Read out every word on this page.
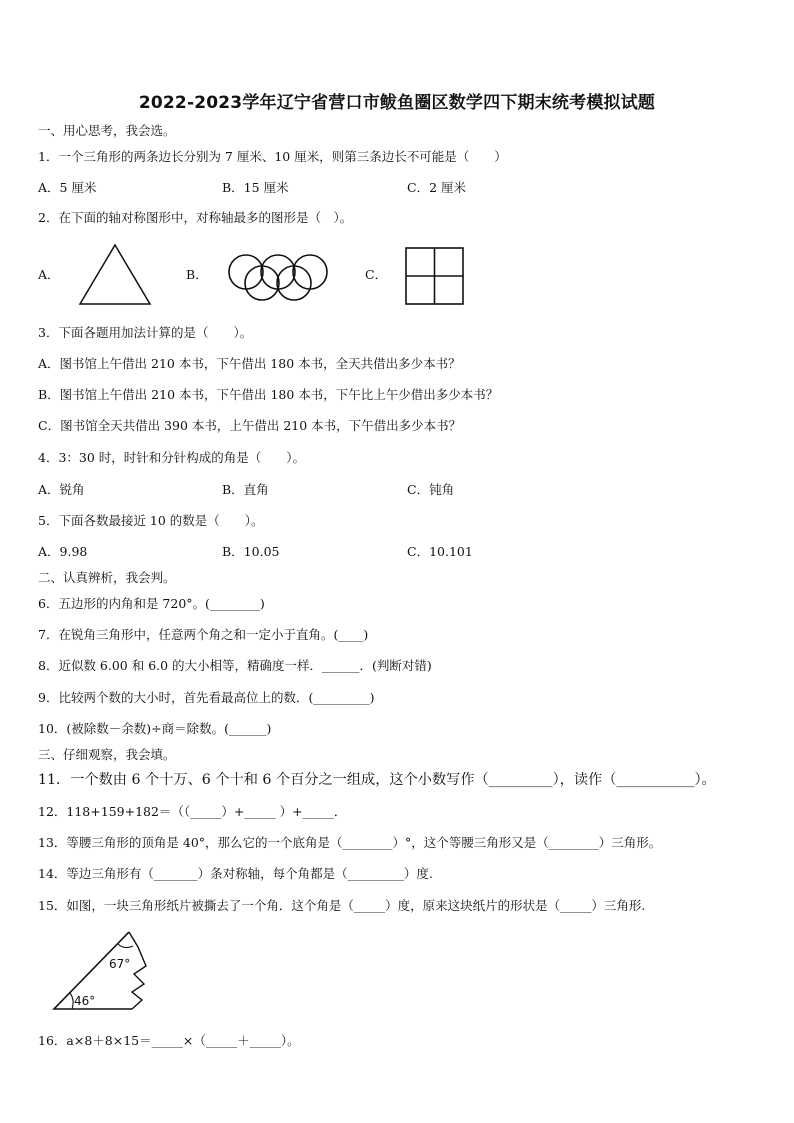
2022-2023学年辽宁省营口市鲅鱼圈区数学四下期末统考模拟试题
一、用心思考，我会选。
1．一个三角形的两条边长分别为 7 厘米、10 厘米，则第三条边长不可能是（　　）
A．5 厘米	B．15 厘米	C．2 厘米
2．在下面的轴对称图形中，对称轴最多的图形是（　）。
A．	B．	C．
3．下面各题用加法计算的是（　　）。
A．图书馆上午借出 210 本书，下午借出 180 本书，全天共借出多少本书？
B．图书馆上午借出 210 本书，下午借出 180 本书，下午比上午少借出多少本书？
C．图书馆全天共借出 390 本书，上午借出 210 本书，下午借出多少本书？
4．3：30 时，时针和分针构成的角是（　　）。
A．锐角	B．直角	C．钝角
5．下面各数最接近 10 的数是（　　）。
A．9.98	B．10.05	C．10.101
二、认真辨析，我会判。
6．五边形的内角和是 720°。(________)
7．在锐角三角形中，任意两个角之和一定小于直角。(____)
8．近似数 6.00 和 6.0 的大小相等，精确度一样．______．(判断对错)
9．比较两个数的大小时，首先看最高位上的数．(_________)
10．(被除数－余数)÷商＝除数。(______)
三、仔细观察，我会填。
11．一个数由 6 个十万、6 个十和 6 个百分之一组成，这个小数写作（_________），读作（___________）。
12．118+159+182＝（（_____）+_____ ）+_____．
13．等腰三角形的顶角是 40°，那么它的一个底角是（________）°，这个等腰三角形又是（________）三角形。
14．等边三角形有（_______）条对称轴，每个角都是（_________）度.
15．如图，一块三角形纸片被撕去了一个角．这个角是（_____）度，原来这块纸片的形状是（_____）三角形.
67°
46°
16．a×8＋8×15＝_____×（_____＋_____）。
